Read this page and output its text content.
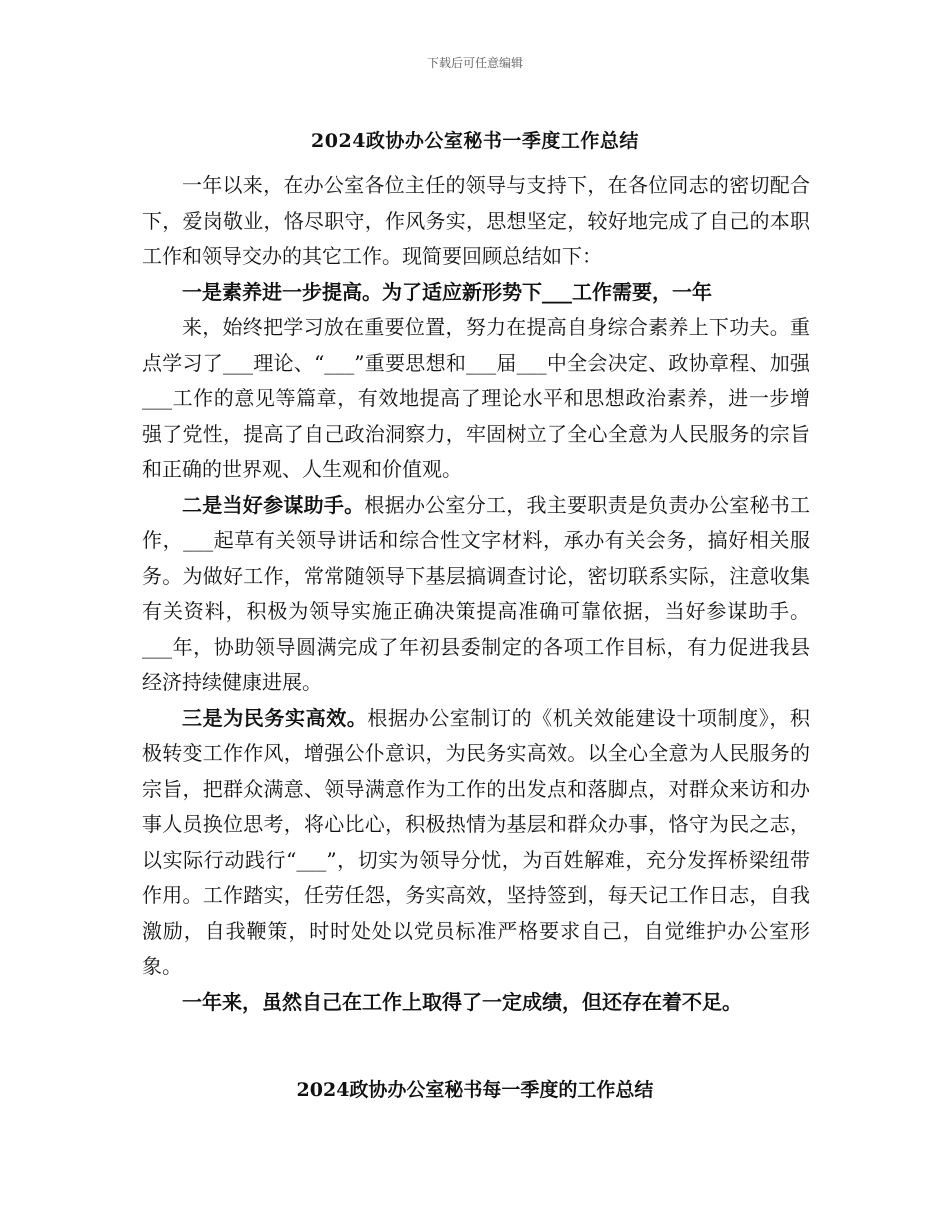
下载后可任意编辑
2024政协办公室秘书一季度工作总结

一年以来，在办公室各位主任的领导与支持下，在各位同志的密切配合下，爱岗敬业，恪尽职守，作风务实，思想坚定，较好地完成了自己的本职工作和领导交办的其它工作。现简要回顾总结如下：

一是素养进一步提高。为了适应新形势下___工作需要，一年

来，始终把学习放在重要位置，努力在提高自身综合素养上下功夫。重点学习了___理论、“___”重要思想和___届___中全会决定、政协章程、加强___工作的意见等篇章，有效地提高了理论水平和思想政治素养，进一步增强了党性，提高了自己政治洞察力，牢固树立了全心全意为人民服务的宗旨和正确的世界观、人生观和价值观。

二是当好参谋助手。根据办公室分工，我主要职责是负责办公室秘书工作，___起草有关领导讲话和综合性文字材料，承办有关会务，搞好相关服务。为做好工作，常常随领导下基层搞调查讨论，密切联系实际，注意收集有关资料，积极为领导实施正确决策提高准确可靠依据，当好参谋助手。___年，协助领导圆满完成了年初县委制定的各项工作目标，有力促进我县经济持续健康进展。

三是为民务实高效。根据办公室制订的《机关效能建设十项制度》，积极转变工作作风，增强公仆意识，为民务实高效。以全心全意为人民服务的宗旨，把群众满意、领导满意作为工作的出发点和落脚点，对群众来访和办事人员换位思考，将心比心，积极热情为基层和群众办事，恪守为民之志，以实际行动践行“___”，切实为领导分忧，为百姓解难，充分发挥桥梁纽带作用。工作踏实，任劳任怨，务实高效，坚持签到，每天记工作日志，自我激励，自我鞭策，时时处处以党员标准严格要求自己，自觉维护办公室形象。

一年来，虽然自己在工作上取得了一定成绩，但还存在着不足。

2024政协办公室秘书每一季度的工作总结
